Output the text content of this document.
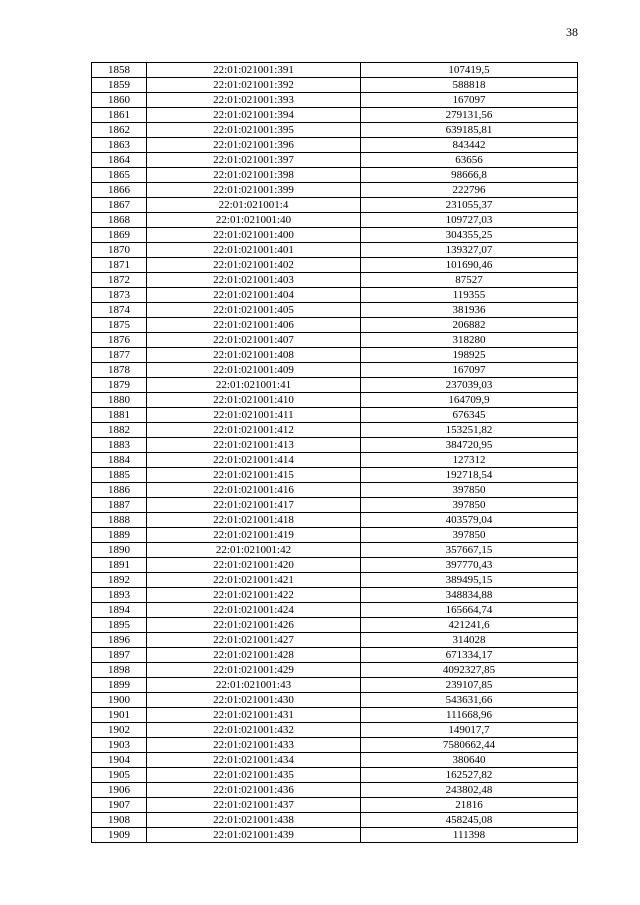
38
1858	22:01:021001:391	107419,5
1859	22:01:021001:392	588818
1860	22:01:021001:393	167097
1861	22:01:021001:394	279131,56
1862	22:01:021001:395	639185,81
1863	22:01:021001:396	843442
1864	22:01:021001:397	63656
1865	22:01:021001:398	98666,8
1866	22:01:021001:399	222796
1867	22:01:021001:4	231055,37
1868	22:01:021001:40	109727,03
1869	22:01:021001:400	304355,25
1870	22:01:021001:401	139327,07
1871	22:01:021001:402	101690,46
1872	22:01:021001:403	87527
1873	22:01:021001:404	119355
1874	22:01:021001:405	381936
1875	22:01:021001:406	206882
1876	22:01:021001:407	318280
1877	22:01:021001:408	198925
1878	22:01:021001:409	167097
1879	22:01:021001:41	237039,03
1880	22:01:021001:410	164709,9
1881	22:01:021001:411	676345
1882	22:01:021001:412	153251,82
1883	22:01:021001:413	384720,95
1884	22:01:021001:414	127312
1885	22:01:021001:415	192718,54
1886	22:01:021001:416	397850
1887	22:01:021001:417	397850
1888	22:01:021001:418	403579,04
1889	22:01:021001:419	397850
1890	22:01:021001:42	357667,15
1891	22:01:021001:420	397770,43
1892	22:01:021001:421	389495,15
1893	22:01:021001:422	348834,88
1894	22:01:021001:424	165664,74
1895	22:01:021001:426	421241,6
1896	22:01:021001:427	314028
1897	22:01:021001:428	671334,17
1898	22:01:021001:429	4092327,85
1899	22:01:021001:43	239107,85
1900	22:01:021001:430	543631,66
1901	22:01:021001:431	111668,96
1902	22:01:021001:432	149017,7
1903	22:01:021001:433	7580662,44
1904	22:01:021001:434	380640
1905	22:01:021001:435	162527,82
1906	22:01:021001:436	243802,48
1907	22:01:021001:437	21816
1908	22:01:021001:438	458245,08
1909	22:01:021001:439	111398
